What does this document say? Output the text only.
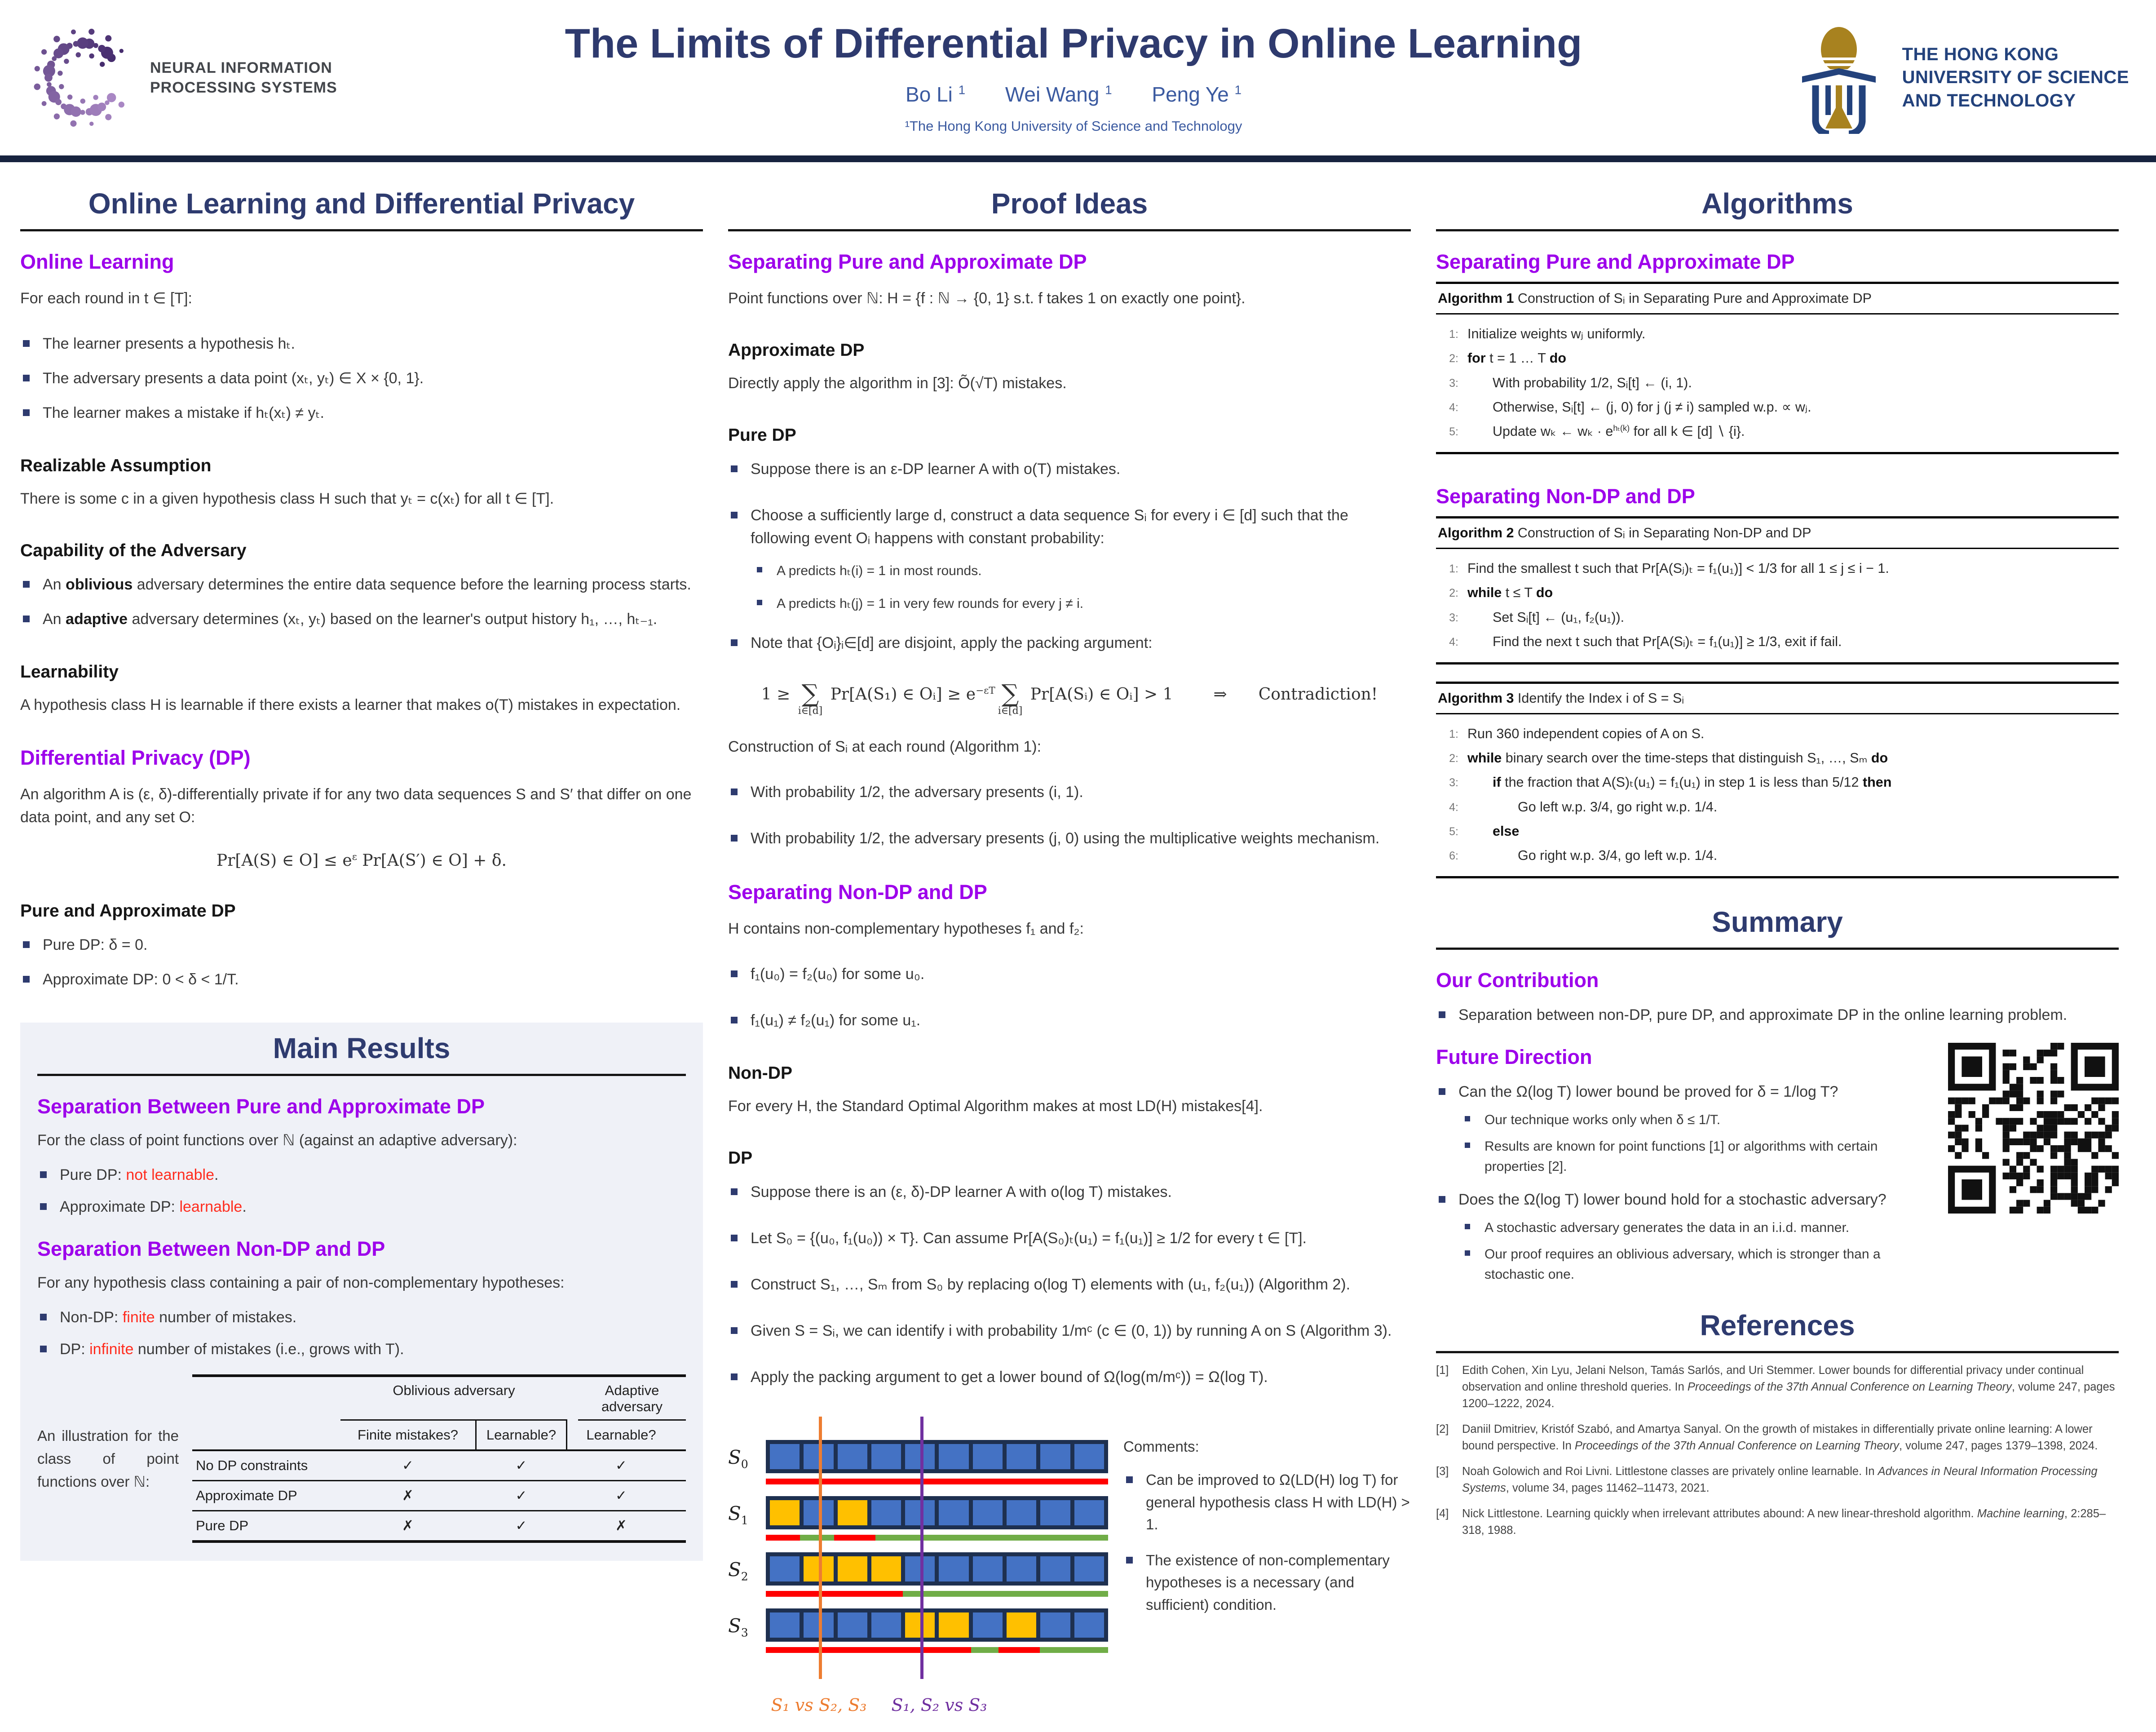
NEURAL INFORMATION
PROCESSING SYSTEMS
The Limits of Differential Privacy in Online Learning
Bo Li $^1$ Wei Wang $^1$ Peng Ye $^1$
¹The Hong Kong University of Science and Technology
THE HONG KONG
UNIVERSITY OF SCIENCE
AND TECHNOLOGY
Online Learning and Differential Privacy
Online Learning
For each round in t ∈ [T]:
The learner presents a hypothesis hₜ.
The adversary presents a data point (xₜ, yₜ) ∈ X × {0, 1}.
The learner makes a mistake if hₜ(xₜ) ≠ yₜ.
Realizable Assumption
There is some c in a given hypothesis class H such that yₜ = c(xₜ) for all t ∈ [T].
Capability of the Adversary
An oblivious adversary determines the entire data sequence before the learning process starts.
An adaptive adversary determines (xₜ, yₜ) based on the learner's output history h₁, …, hₜ₋₁.
Learnability
A hypothesis class H is learnable if there exists a learner that makes o(T) mistakes in expectation.
Differential Privacy (DP)
An algorithm A is (ε, δ)-differentially private if for any two data sequences S and S′ that differ on one data point, and any set O:
Pr[A(S) ∈ $O] \le e^\varepsilon$ Pr[A(S′) ∈ O] + δ.
Pure and Approximate DP
Pure DP: δ = 0.
Approximate DP: 0 < δ < 1/T.
Main Results
Separation Between Pure and Approximate DP
For the class of point functions over ℕ (against an adaptive adversary):
Pure DP: not learnable.
Approximate DP: learnable.
Separation Between Non-DP and DP
For any hypothesis class containing a pair of non-complementary hypotheses:
Non-DP: finite number of mistakes.
DP: infinite number of mistakes (i.e., grows with T).
An illustration for the class of point functions over ℕ:
Oblivious adversary	Adaptive adversary
Finite mistakes?	Learnable?	Learnable?
No DP constraints	✓	✓	✓
Approximate DP	✗	✓	✓
Pure DP	✗	✓	✗
Proof Ideas
Separating Pure and Approximate DP
Point functions over ℕ: H = {f : ℕ → {0, 1} s.t. f takes 1 on exactly one point}.
Approximate DP
Directly apply the algorithm in [3]: Õ(√T) mistakes.
Pure DP
Suppose there is an ε-DP learner A with o(T) mistakes.
Choose a sufficiently large d, construct a data sequence Sᵢ for every i ∈ [d] such that the following event Oᵢ happens with constant probability:
A predicts hₜ(i) = 1 in most rounds.
A predicts hₜ(j) = 1 in very few rounds for every j ≠ i.
Note that {Oᵢ}ᵢ∈[d] are disjoint, apply the packing argument:
1 ≥ ∑
i∈[d]
Pr[A(S₁) ∈ Oᵢ] ≥ $e^{-\varepsilon T}$ ∑
i∈[d]
Pr[A(Sᵢ) ∈ Oᵢ] > 1	⇒ Contradiction!
Construction of Sᵢ at each round (Algorithm 1):
With probability 1/2, the adversary presents (i, 1).
With probability 1/2, the adversary presents (j, 0) using the multiplicative weights mechanism.
Separating Non-DP and DP
H contains non-complementary hypotheses f₁ and f₂:
f₁(u₀) = f₂(u₀) for some u₀.
f₁(u₁) ≠ f₂(u₁) for some u₁.
Non-DP
For every H, the Standard Optimal Algorithm makes at most LD(H) mistakes[4].
DP
Suppose there is an (ε, δ)-DP learner A with o(log T) mistakes.
Let S₀ = {(u₀, f₁(u₀)) × T}. Can assume Pr[A(S₀)ₜ(u₁) = f₁(u₁)] ≥ 1/2 for every t ∈ [T].
Construct S₁, …, Sₘ from S₀ by replacing o(log T) elements with (u₁, f₂(u₁)) (Algorithm 2).
Given S = Sᵢ, we can identify i with probability 1/mᶜ (c ∈ (0, 1)) by running A on S (Algorithm 3).
Apply the packing argument to get a lower bound of Ω(log(m/mᶜ)) = Ω(log T).
$S_0$
$S_1$
$S_2$
$S_3$
S₁ vs S₂, S₃ S₁, S₂ vs S₃
Comments:
Can be improved to Ω(LD(H) log T) for general hypothesis class H with LD(H) > 1.
The existence of non-complementary hypotheses is a necessary (and sufficient) condition.
Algorithms
Separating Pure and Approximate DP
Algorithm 1 Construction of Sᵢ in Separating Pure and Approximate DP
1: Initialize weights wⱼ uniformly.
2: for t = 1 … T do
3:	With probability 1/2, Sᵢ[t] ← (i, 1).
4:	Otherwise, Sᵢ[t] ← (j, 0) for j (j ≠ i) sampled w.p. ∝ wⱼ.
5:	Update wₖ ← $w_k \cdot e^{h_t(k)}$ for all k ∈ [d] ∖ {i}.
Separating Non-DP and DP
Algorithm 2 Construction of Sᵢ in Separating Non-DP and DP
1: Find the smallest t such that Pr[A(Sⱼ)ₜ = f₁(u₁)] < 1/3 for all 1 ≤ j ≤ i − 1.
2: while t ≤ T do
3:	Set Sᵢ[t] ← (u₁, f₂(u₁)).
4:	Find the next t such that Pr[A(Sᵢ)ₜ = f₁(u₁)] ≥ 1/3, exit if fail.
Algorithm 3 Identify the Index i of S = Sᵢ
1: Run 360 independent copies of A on S.
2: while binary search over the time-steps that distinguish S₁, …, Sₘ do
3:	if the fraction that A(S)ₜ(u₁) = f₁(u₁) in step 1 is less than 5/12 then
4:	Go left w.p. 3/4, go right w.p. 1/4.
5:	else
6:	Go right w.p. 3/4, go left w.p. 1/4.
Summary
Our Contribution
Separation between non-DP, pure DP, and approximate DP in the online learning problem.
Future Direction
Can the Ω(log T) lower bound be proved for δ = 1/log T?
Our technique works only when δ ≤ 1/T.
Results are known for point functions [1] or algorithms with certain properties [2].
Does the Ω(log T) lower bound hold for a stochastic adversary?
A stochastic adversary generates the data in an i.i.d. manner.
Our proof requires an oblivious adversary, which is stronger than a stochastic one.
References
[1]	Edith Cohen, Xin Lyu, Jelani Nelson, Tamás Sarlós, and Uri Stemmer. Lower bounds for differential privacy under continual observation and online threshold queries. In Proceedings of the 37th Annual Conference on Learning Theory, volume 247, pages 1200–1222, 2024.
[2]	Daniil Dmitriev, Kristóf Szabó, and Amartya Sanyal. On the growth of mistakes in differentially private online learning: A lower bound perspective. In Proceedings of the 37th Annual Conference on Learning Theory, volume 247, pages 1379–1398, 2024.
[3]	Noah Golowich and Roi Livni. Littlestone classes are privately online learnable. In Advances in Neural Information Processing Systems, volume 34, pages 11462–11473, 2021.
[4]	Nick Littlestone. Learning quickly when irrelevant attributes abound: A new linear-threshold algorithm. Machine learning, 2:285–318, 1988.
